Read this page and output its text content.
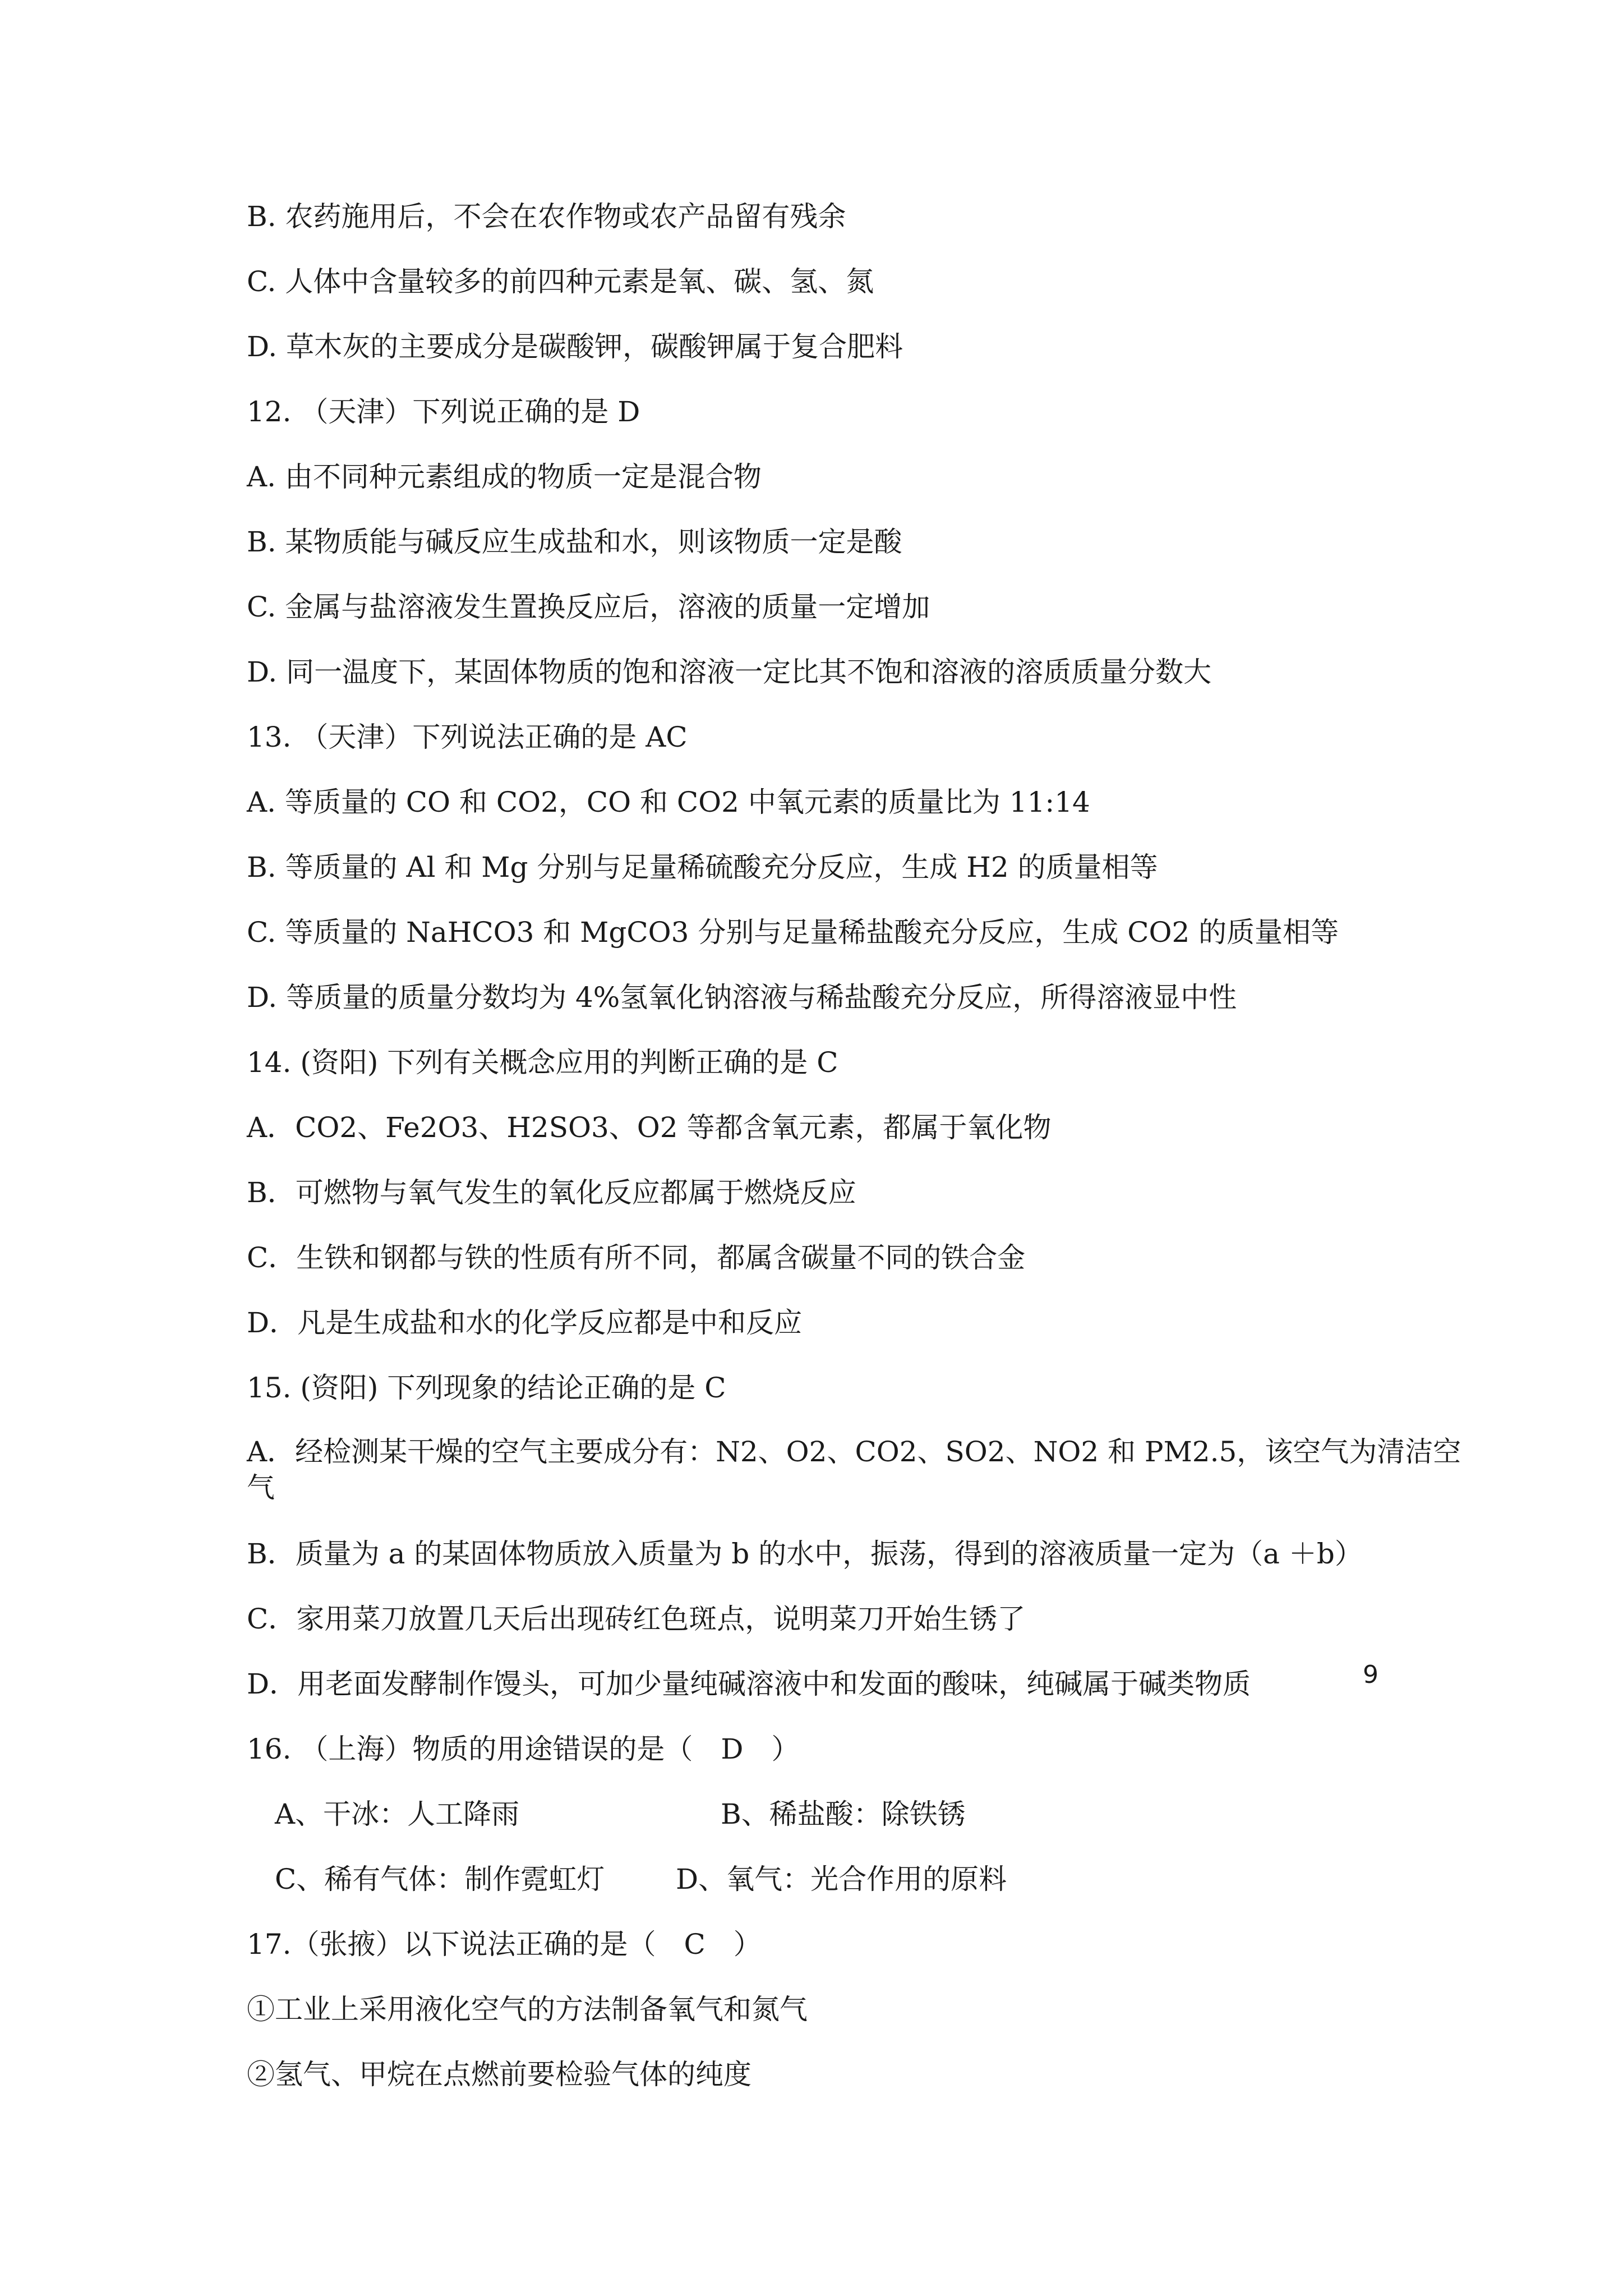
B. 农药施用后，不会在农作物或农产品留有残余
C. 人体中含量较多的前四种元素是氧、碳、氢、氮
D. 草木灰的主要成分是碳酸钾，碳酸钾属于复合肥料
12. （天津）下列说正确的是 D
A. 由不同种元素组成的物质一定是混合物
B. 某物质能与碱反应生成盐和水，则该物质一定是酸
C. 金属与盐溶液发生置换反应后，溶液的质量一定增加
D. 同一温度下，某固体物质的饱和溶液一定比其不饱和溶液的溶质质量分数大
13. （天津）下列说法正确的是 AC
A. 等质量的 CO 和 CO2，CO 和 CO2 中氧元素的质量比为 11:14
B. 等质量的 Al 和 Mg 分别与足量稀硫酸充分反应，生成 H2 的质量相等
C. 等质量的 NaHCO3 和 MgCO3 分别与足量稀盐酸充分反应，生成 CO2 的质量相等
D. 等质量的质量分数均为 4%氢氧化钠溶液与稀盐酸充分反应，所得溶液显中性
14. (资阳) 下列有关概念应用的判断正确的是 C
A．CO2、Fe2O3、H2SO3、O2 等都含氧元素，都属于氧化物
B．可燃物与氧气发生的氧化反应都属于燃烧反应
C．生铁和钢都与铁的性质有所不同，都属含碳量不同的铁合金
D．凡是生成盐和水的化学反应都是中和反应
15. (资阳) 下列现象的结论正确的是 C
A．经检测某干燥的空气主要成分有：N2、O2、CO2、SO2、NO2 和 PM2.5，该空气为清洁空
气
B．质量为 a 的某固体物质放入质量为 b 的水中，振荡，得到的溶液质量一定为（a ＋b）
C．家用菜刀放置几天后出现砖红色斑点，说明菜刀开始生锈了
D．用老面发酵制作馒头，可加少量纯碱溶液中和发面的酸味，纯碱属于碱类物质
16. （上海）物质的用途错误的是（　D　）
A、干冰：人工降雨	B、稀盐酸：除铁锈
C、稀有气体：制作霓虹灯	D、氧气：光合作用的原料
17.（张掖）以下说法正确的是（　C　）
①工业上采用液化空气的方法制备氧气和氮气
②氢气、甲烷在点燃前要检验气体的纯度
9
